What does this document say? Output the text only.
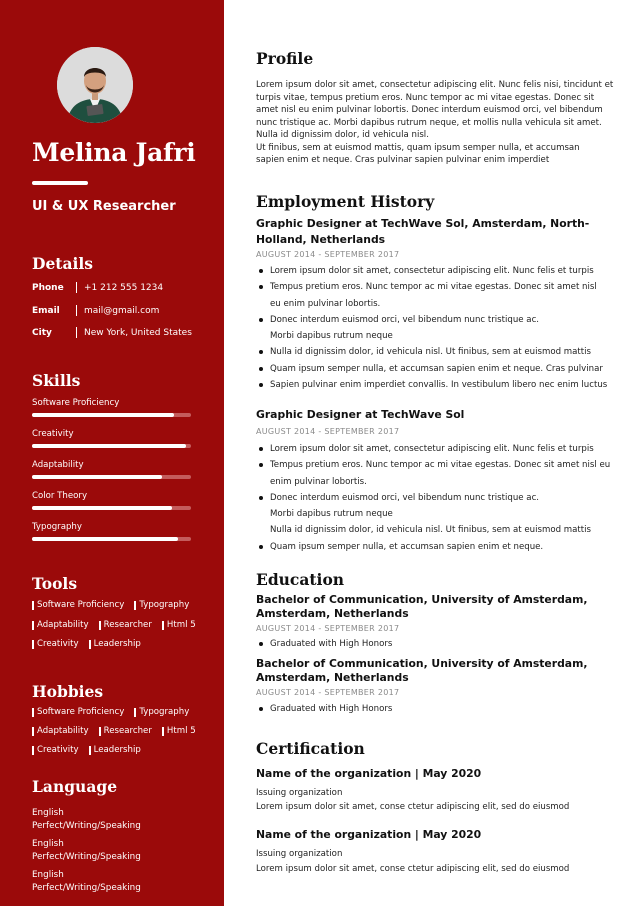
Melina Jafri
UI & UX Researcher
Details
Phone	+1 212 555 1234
Email	mail@gmail.com
City	New York, United States
Skills
Software Proficiency
Creativity
Adaptability
Color Theory
Typography
Tools
Software Proficiency Typography
Adaptability Researcher Html 5
Creativity Leadership
Hobbies
Software Proficiency Typography
Adaptability Researcher Html 5
Creativity Leadership
Language
English
Perfect/Writing/Speaking
English
Perfect/Writing/Speaking
English
Perfect/Writing/Speaking
Profile
Lorem ipsum dolor sit amet, consectetur adipiscing elit. Nunc felis nisi, tincidunt et
turpis vitae, tempus pretium eros. Nunc tempor ac mi vitae egestas. Donec sit
amet nisl eu enim pulvinar lobortis. Donec interdum euismod orci, vel bibendum
nunc tristique ac. Morbi dapibus rutrum neque, et mollis nulla vehicula sit amet.
Nulla id dignissim dolor, id vehicula nisl.
Ut finibus, sem at euismod mattis, quam ipsum semper nulla, et accumsan
sapien enim et neque. Cras pulvinar sapien pulvinar enim imperdiet
Employment History
Graphic Designer at TechWave Sol, Amsterdam, North-Holland, Netherlands
AUGUST 2014 - SEPTEMBER 2017
Lorem ipsum dolor sit amet, consectetur adipiscing elit. Nunc felis et turpis
Tempus pretium eros. Nunc tempor ac mi vitae egestas. Donec sit amet nisl
eu enim pulvinar lobortis.
Donec interdum euismod orci, vel bibendum nunc tristique ac.
Morbi dapibus rutrum neque
Nulla id dignissim dolor, id vehicula nisl. Ut finibus, sem at euismod mattis
Quam ipsum semper nulla, et accumsan sapien enim et neque. Cras pulvinar
Sapien pulvinar enim imperdiet convallis. In vestibulum libero nec enim luctus
Graphic Designer at TechWave Sol
AUGUST 2014 - SEPTEMBER 2017
Lorem ipsum dolor sit amet, consectetur adipiscing elit. Nunc felis et turpis
Tempus pretium eros. Nunc tempor ac mi vitae egestas. Donec sit amet nisl eu
enim pulvinar lobortis.
Donec interdum euismod orci, vel bibendum nunc tristique ac.
Morbi dapibus rutrum neque
Nulla id dignissim dolor, id vehicula nisl. Ut finibus, sem at euismod mattis
Quam ipsum semper nulla, et accumsan sapien enim et neque.
Education
Bachelor of Communication, University of Amsterdam, Amsterdam, Netherlands
AUGUST 2014 - SEPTEMBER 2017
Graduated with High Honors
Bachelor of Communication, University of Amsterdam, Amsterdam, Netherlands
AUGUST 2014 - SEPTEMBER 2017
Graduated with High Honors
Certification
Name of the organization | May 2020
Issuing organization
Lorem ipsum dolor sit amet, conse ctetur adipiscing elit, sed do eiusmod
Name of the organization | May 2020
Issuing organization
Lorem ipsum dolor sit amet, conse ctetur adipiscing elit, sed do eiusmod
